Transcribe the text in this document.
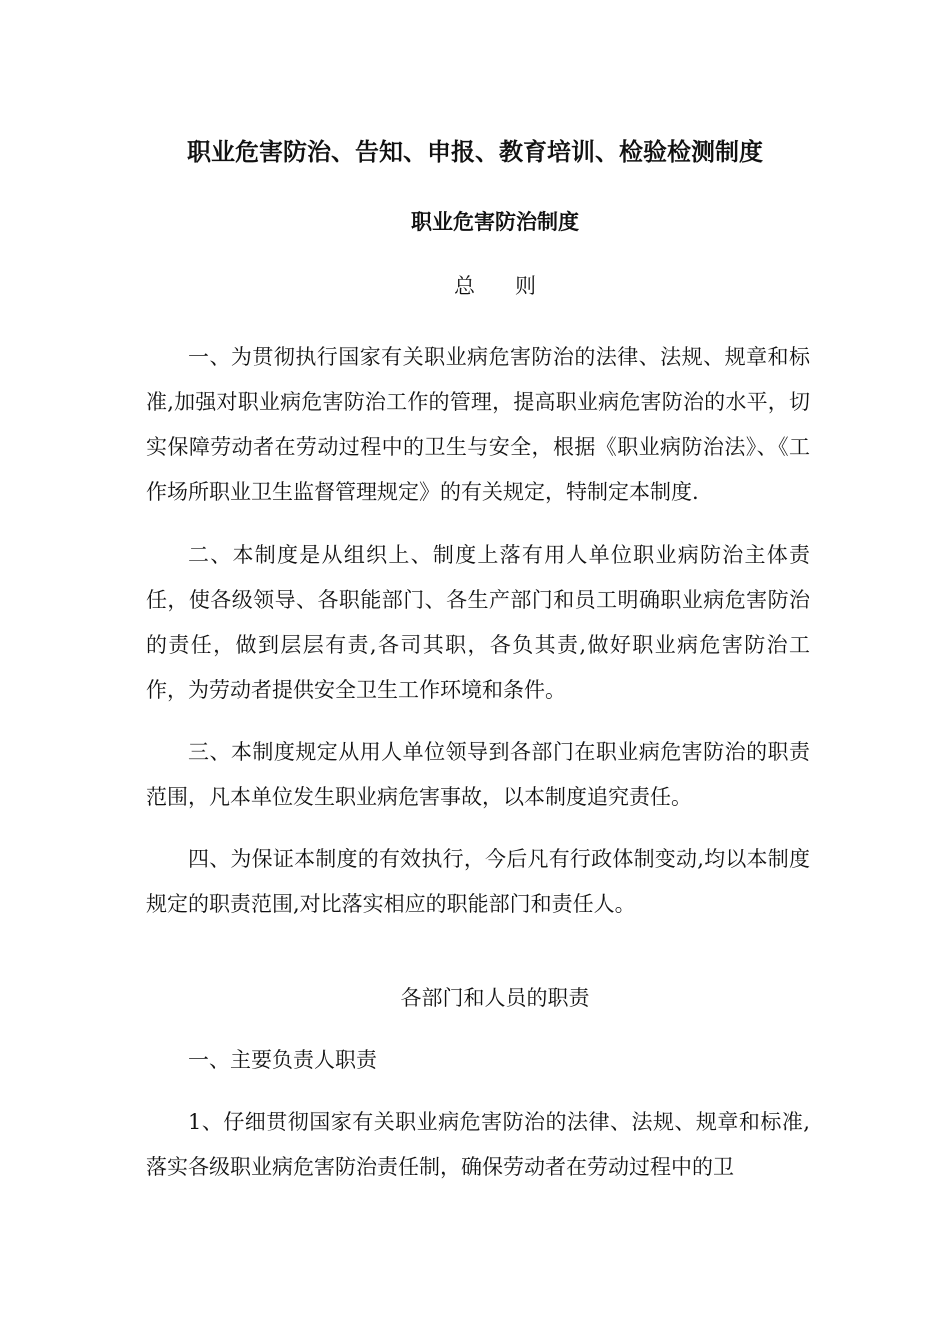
职业危害防治、告知、申报、教育培训、检验检测制度
职业危害防治制度
总 则

一、为贯彻执行国家有关职业病危害防治的法律、法规、规章和标准,加强对职业病危害防治工作的管理，提高职业病危害防治的水平，切实保障劳动者在劳动过程中的卫生与安全，根据《职业病防治法》、《工作场所职业卫生监督管理规定》的有关规定，特制定本制度.

二、本制度是从组织上、制度上落有用人单位职业病防治主体责任，使各级领导、各职能部门、各生产部门和员工明确职业病危害防治的责任，做到层层有责,各司其职，各负其责,做好职业病危害防治工作，为劳动者提供安全卫生工作环境和条件。

三、本制度规定从用人单位领导到各部门在职业病危害防治的职责范围，凡本单位发生职业病危害事故，以本制度追究责任。

四、为保证本制度的有效执行，今后凡有行政体制变动,均以本制度规定的职责范围,对比落实相应的职能部门和责任人。

各部门和人员的职责

一、主要负责人职责

1、仔细贯彻国家有关职业病危害防治的法律、法规、规章和标准,落实各级职业病危害防治责任制，确保劳动者在劳动过程中的卫
